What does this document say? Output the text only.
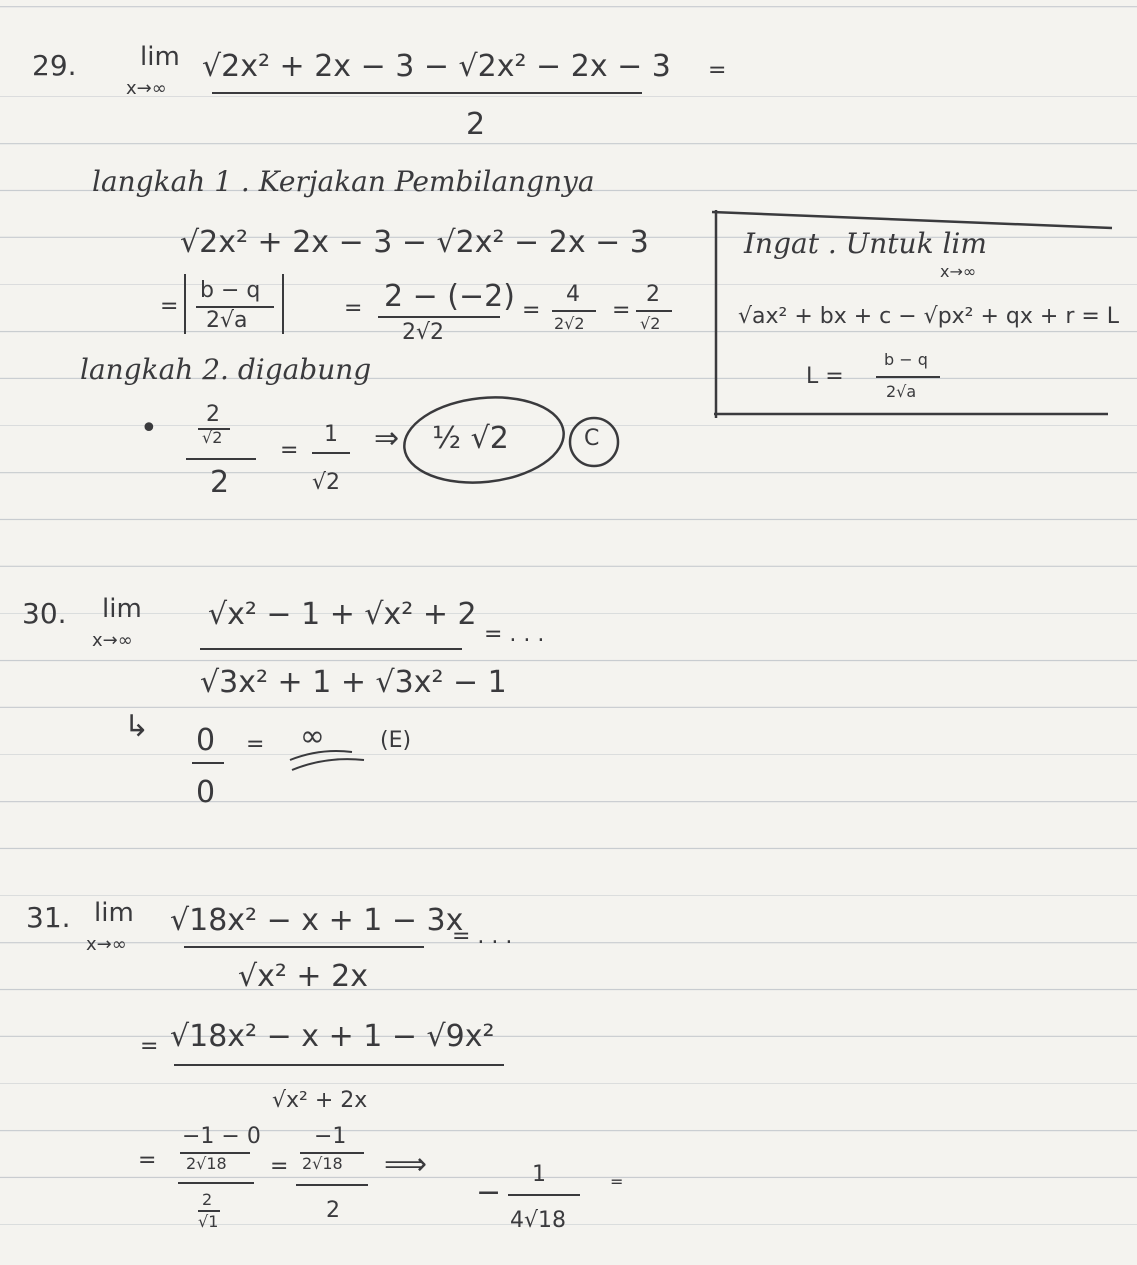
29. lim
x→∞
√2x² + 2x − 3 − √2x² − 2x − 3 =
2
langkah 1 . Kerjakan Pembilangnya
√2x² + 2x − 3 − √2x² − 2x − 3
=
b − q
2√a	= 2 − (−2)
2√2
=
4
2√2
=
2
√2
langkah 2. digabung
• 2
√2
2
=
1
√2
⇒ ½ √2	C
Ingat . Untuk lim
x→∞
√ax² + bx + c − √px² + qx + r = L
L =
b − q
2√a
30. lim
x→∞
√x² − 1 + √x² + 2
= . . .
√3x² + 1 + √3x² − 1
↳ 0
0
= ∞	(E)
31. lim
x→∞
√18x² − x + 1 − 3x
= . . .
√x² + 2x
= √18x² − x + 1 − √9x²
√x² + 2x
=
−1 − 0
2√18
2
√1
=
−1
2√18
2
⟹
−
1
4√18
=
